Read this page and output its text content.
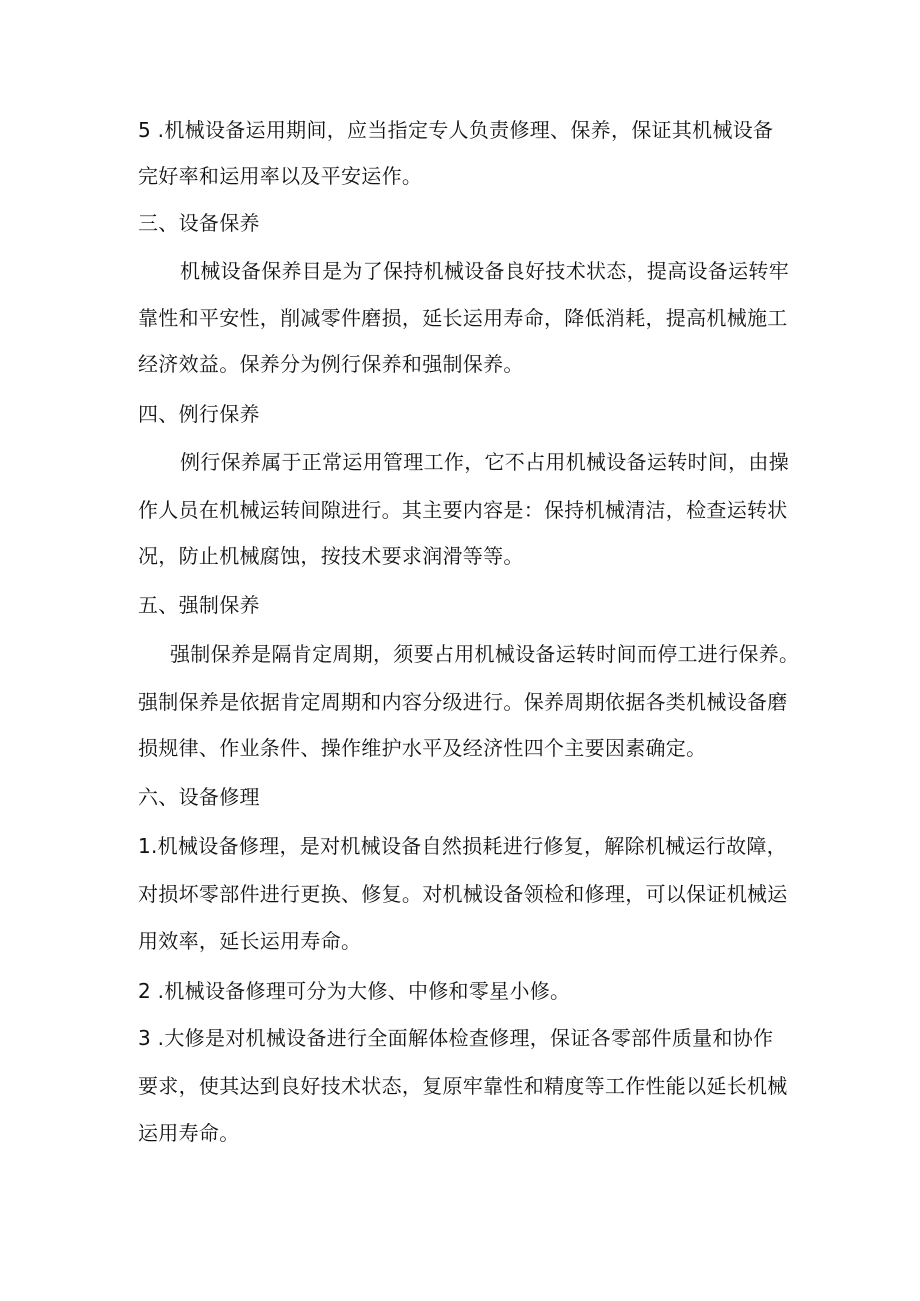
5 .机械设备运用期间，应当指定专人负责修理、保养，保证其机械设备
完好率和运用率以及平安运作。
三、设备保养
机械设备保养目是为了保持机械设备良好技术状态，提高设备运转牢
靠性和平安性，削减零件磨损，延长运用寿命，降低消耗，提高机械施工
经济效益。保养分为例行保养和强制保养。
四、例行保养
例行保养属于正常运用管理工作，它不占用机械设备运转时间，由操
作人员在机械运转间隙进行。其主要内容是：保持机械清洁，检查运转状
况，防止机械腐蚀，按技术要求润滑等等。
五、强制保养
强制保养是隔肯定周期，须要占用机械设备运转时间而停工进行保养。
强制保养是依据肯定周期和内容分级进行。保养周期依据各类机械设备磨
损规律、作业条件、操作维护水平及经济性四个主要因素确定。
六、设备修理
1.机械设备修理，是对机械设备自然损耗进行修复，解除机械运行故障，
对损坏零部件进行更换、修复。对机械设备领检和修理，可以保证机械运
用效率，延长运用寿命。
2 .机械设备修理可分为大修、中修和零星小修。
3 .大修是对机械设备进行全面解体检查修理，保证各零部件质量和协作
要求，使其达到良好技术状态，复原牢靠性和精度等工作性能以延长机械
运用寿命。
